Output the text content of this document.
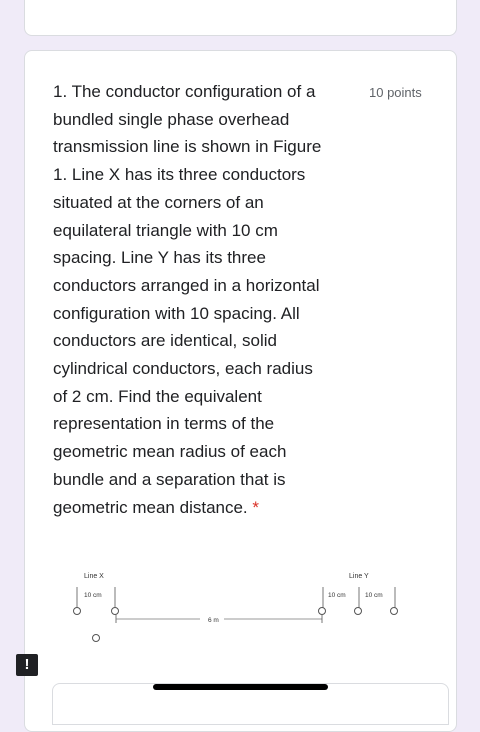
1. The conductor configuration of a
bundled single phase overhead
transmission line is shown in Figure
1. Line X has its three conductors
situated at the corners of an
equilateral triangle with 10 cm
spacing. Line Y has its three
conductors arranged in a horizontal
configuration with 10 spacing. All
conductors are identical, solid
cylindrical conductors, each radius
of 2 cm. Find the equivalent
representation in terms of the
geometric mean radius of each
bundle and a separation that is
geometric mean distance. *

10 points
Line X
10 cm
6 m
Line Y
10 cm	10 cm
!
